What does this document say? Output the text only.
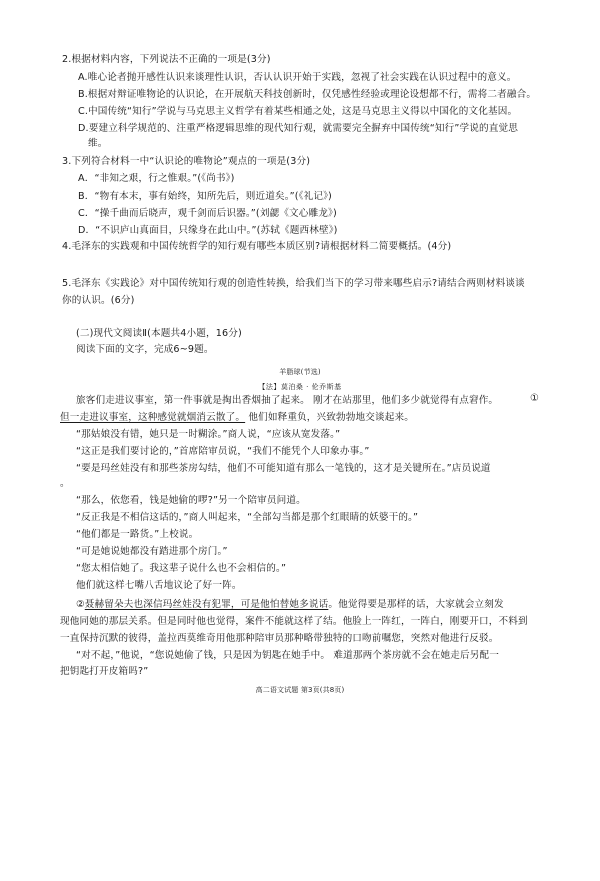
2.根据材料内容，下列说法不正确的一项是(3分)
A.唯心论者抛开感性认识来谈理性认识，否认认识开始于实践，忽视了社会实践在认识过程中的意义。
B.根据对辩证唯物论的认识论，在开展航天科技创新时，仅凭感性经验或理论设想都不行，需将二者融合。
C.中国传统“知行”学说与马克思主义哲学有着某些相通之处，这是马克思主义得以中国化的文化基因。
D.要建立科学规范的、注重严格逻辑思维的现代知行观，就需要完全摒弃中国传统“知行”学说的直觉思
维。
3.下列符合材料一中“认识论的唯物论”观点的一项是(3分)
A．“非知之艰，行之惟艰。”(《尚书》)
B．“物有本末，事有始终，知所先后，则近道矣。”(《礼记》)
C．“操千曲而后晓声，观千剑而后识器。”(刘勰《文心雕龙》)
D．“不识庐山真面目，只缘身在此山中。”(苏轼《题西林壁》)
4.毛泽东的实践观和中国传统哲学的知行观有哪些本质区别?请根据材料二简要概括。(4分)
5.毛泽东《实践论》对中国传统知行观的创造性转换，给我们当下的学习带来哪些启示?请结合两则材料谈谈
你的认识。(6分)
(二)现代文阅读Ⅱ(本题共4小题，16分)
阅读下面的文字，完成6~9题。
羊脂球(节选)
【法】莫泊桑 · 伦乔斯基
旅客们走进议事室，第一件事就是掏出香烟抽了起来。 刚才在站那里，他们多少就觉得有点窘作。	①
但一走进议事室，这种感觉就烟消云散了。 他们如释重负，兴致勃勃地交谈起来。
“那姑娘没有错，她只是一时糊涂。”商人说，“应该从宽发落。”
“这正是我们要讨论的，”首席陪审员说，“我们不能凭个人印象办事。”
“要是玛丝娃没有和那些茶房勾结，他们不可能知道有那么一笔钱的，这才是关键所在。”店员说道
。
“那么，依您看，钱是她偷的啰?”另一个陪审员问道。
“反正我是不相信这话的，”商人叫起来，“全部勾当都是那个红眼睛的妖婆干的。”
“他们都是一路货。”上校说。
“可是她说她都没有踏进那个房门。”
“您太相信她了。我这辈子说什么也不会相信的。”
他们就这样七嘴八舌地议论了好一阵。
②聂赫留朵夫也深信玛丝娃没有犯罪，可是他怕替她多说话。他觉得要是那样的话，大家就会立刻发
现他同她的那层关系。但是同时他也觉得，案件不能就这样了结。他脸上一阵红，一阵白，刚要开口，不料到
一直保持沉默的彼得，盖拉西莫维奇用他那种陪审员那种略带独特的口吻前嘱您，突然对他进行反驳。
“对不起，”他说，“您说她偷了钱，只是因为钥匙在她手中。 难道那两个茶房就不会在她走后另配一
把钥匙打开皮箱吗?”
高二语文试题 第3页(共8页)
